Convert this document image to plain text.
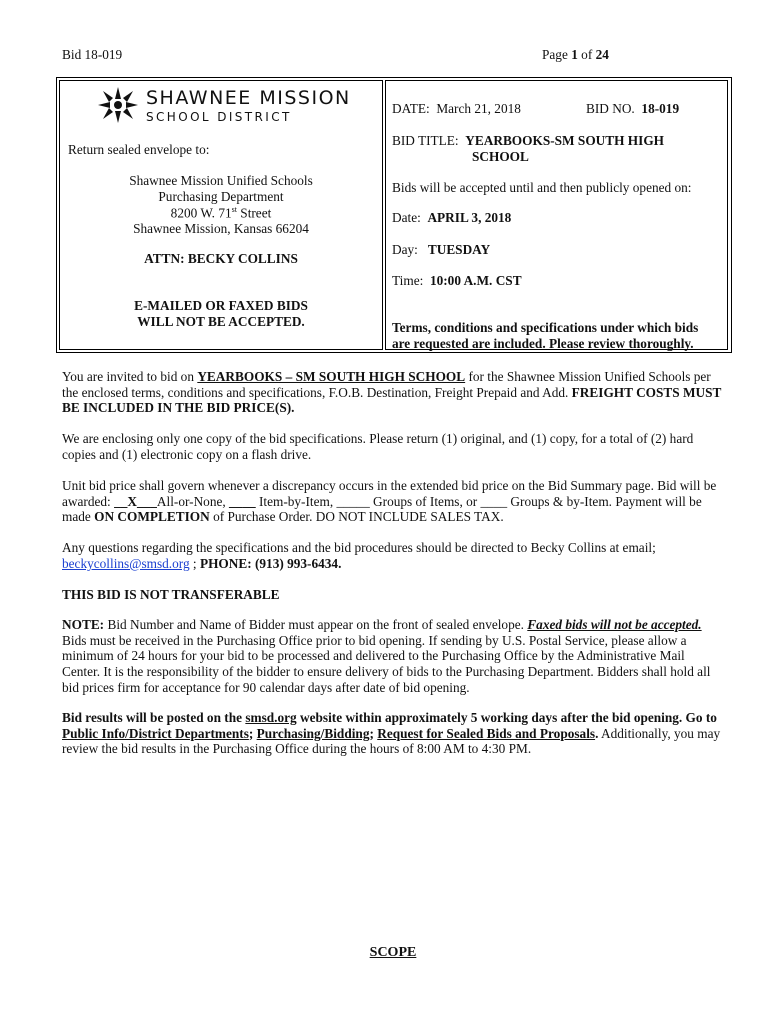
Bid 18-019	Page 1 of 24
SHAWNEE MISSION
SCHOOL DISTRICT
Return sealed envelope to:
Shawnee Mission Unified Schools
Purchasing Department
8200 W. 71st Street
Shawnee Mission, Kansas 66204
ATTN: BECKY COLLINS
E-MAILED OR FAXED BIDS
WILL NOT BE ACCEPTED.
DATE: March 21, 2018	BID NO. 18-019
BID TITLE: YEARBOOKS-SM SOUTH HIGH
SCHOOL
Bids will be accepted until and then publicly opened on:
Date: APRIL 3, 2018
Day: TUESDAY
Time: 10:00 A.M. CST
Terms, conditions and specifications under which bids
are requested are included. Please review thoroughly.
You are invited to bid on YEARBOOKS – SM SOUTH HIGH SCHOOL for the Shawnee Mission Unified Schools per the enclosed terms, conditions and specifications, F.O.B. Destination, Freight Prepaid and Add. FREIGHT COSTS MUST BE INCLUDED IN THE BID PRICE(S).
We are enclosing only one copy of the bid specifications. Please return (1) original, and (1) copy, for a total of (2) hard copies and (1) electronic copy on a flash drive.
Unit bid price shall govern whenever a discrepancy occurs in the extended bid price on the Bid Summary page. Bid will be awarded: __X___All-or-None, ____ Item-by-Item, _____ Groups of Items, or ____ Groups & by-Item. Payment will be made ON COMPLETION of Purchase Order. DO NOT INCLUDE SALES TAX.
Any questions regarding the specifications and the bid procedures should be directed to Becky Collins at email; beckycollins@smsd.org ; PHONE: (913) 993-6434.
THIS BID IS NOT TRANSFERABLE
NOTE: Bid Number and Name of Bidder must appear on the front of sealed envelope. Faxed bids will not be accepted. Bids must be received in the Purchasing Office prior to bid opening. If sending by U.S. Postal Service, please allow a minimum of 24 hours for your bid to be processed and delivered to the Purchasing Office by the Administrative Mail Center. It is the responsibility of the bidder to ensure delivery of bids to the Purchasing Department. Bidders shall hold all bid prices firm for acceptance for 90 calendar days after date of bid opening.
Bid results will be posted on the smsd.org website within approximately 5 working days after the bid opening. Go to Public Info/District Departments; Purchasing/Bidding; Request for Sealed Bids and Proposals. Additionally, you may review the bid results in the Purchasing Office during the hours of 8:00 AM to 4:30 PM.
SCOPE
